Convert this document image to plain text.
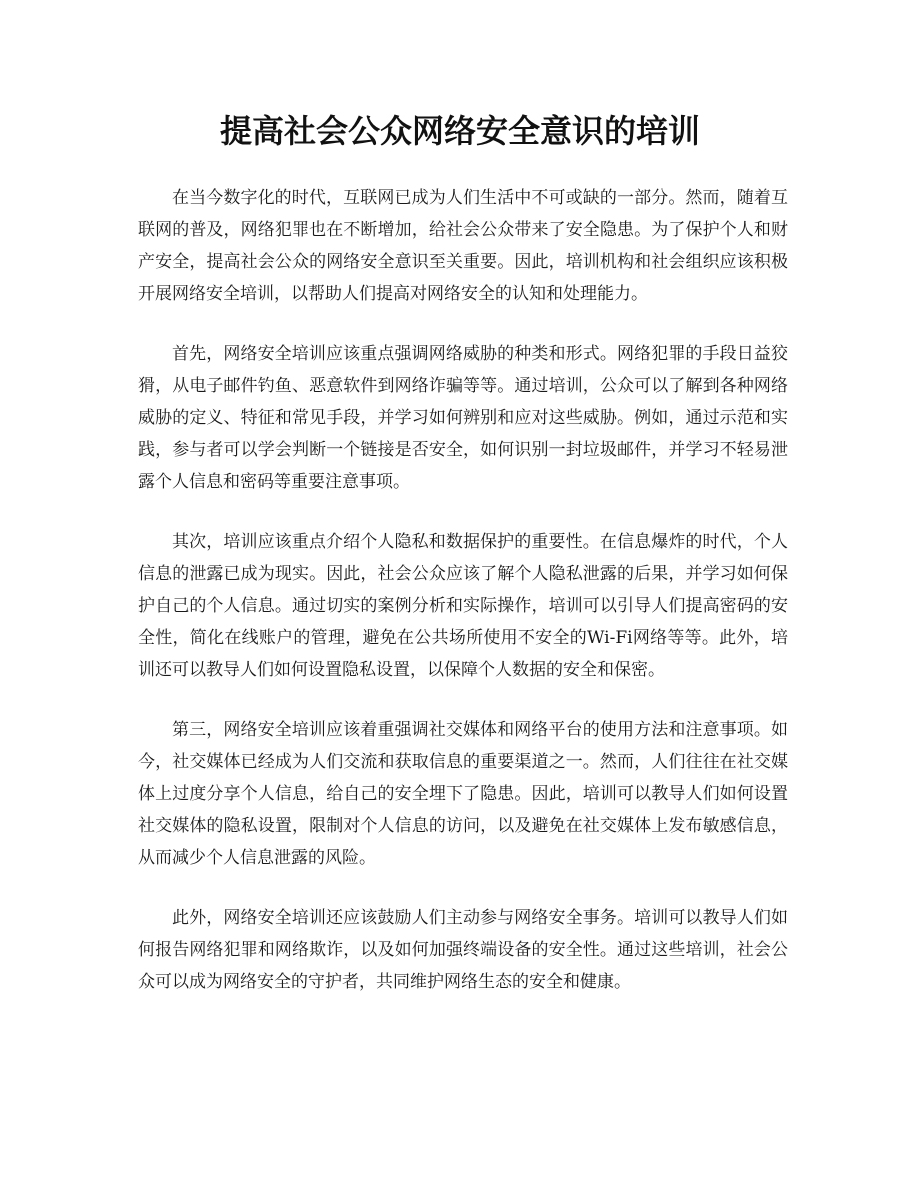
提高社会公众网络安全意识的培训

在当今数字化的时代，互联网已成为人们生活中不可或缺的一部分。然而，随着互联网的普及，网络犯罪也在不断增加，给社会公众带来了安全隐患。为了保护个人和财产安全，提高社会公众的网络安全意识至关重要。因此，培训机构和社会组织应该积极开展网络安全培训，以帮助人们提高对网络安全的认知和处理能力。

首先，网络安全培训应该重点强调网络威胁的种类和形式。网络犯罪的手段日益狡猾，从电子邮件钓鱼、恶意软件到网络诈骗等等。通过培训，公众可以了解到各种网络威胁的定义、特征和常见手段，并学习如何辨别和应对这些威胁。例如，通过示范和实践，参与者可以学会判断一个链接是否安全，如何识别一封垃圾邮件，并学习不轻易泄露个人信息和密码等重要注意事项。

其次，培训应该重点介绍个人隐私和数据保护的重要性。在信息爆炸的时代，个人信息的泄露已成为现实。因此，社会公众应该了解个人隐私泄露的后果，并学习如何保护自己的个人信息。通过切实的案例分析和实际操作，培训可以引导人们提高密码的安全性，简化在线账户的管理，避免在公共场所使用不安全的Wi-Fi网络等等。此外，培训还可以教导人们如何设置隐私设置，以保障个人数据的安全和保密。

第三，网络安全培训应该着重强调社交媒体和网络平台的使用方法和注意事项。如今，社交媒体已经成为人们交流和获取信息的重要渠道之一。然而，人们往往在社交媒体上过度分享个人信息，给自己的安全埋下了隐患。因此，培训可以教导人们如何设置社交媒体的隐私设置，限制对个人信息的访问，以及避免在社交媒体上发布敏感信息，从而减少个人信息泄露的风险。

此外，网络安全培训还应该鼓励人们主动参与网络安全事务。培训可以教导人们如何报告网络犯罪和网络欺诈，以及如何加强终端设备的安全性。通过这些培训，社会公众可以成为网络安全的守护者，共同维护网络生态的安全和健康。
